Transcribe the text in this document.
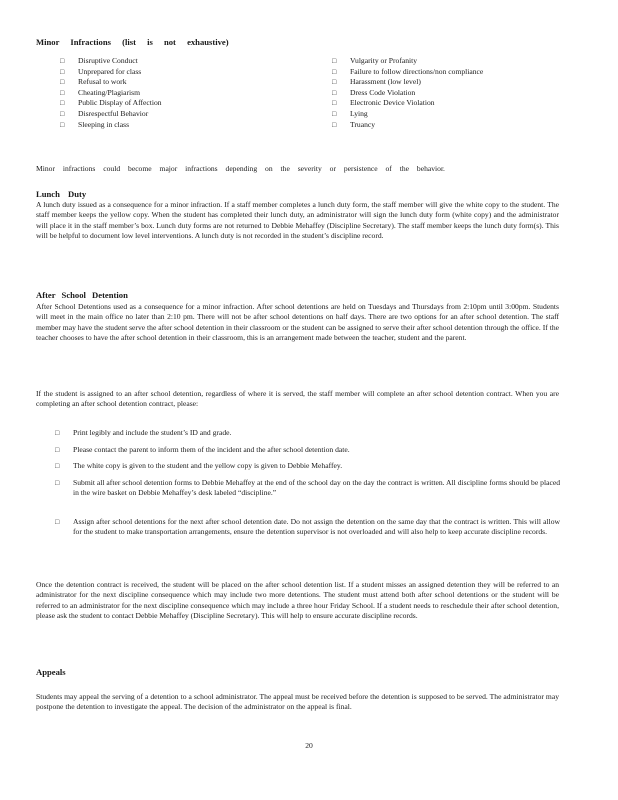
Minor Infractions (list is not exhaustive)
□ Disruptive Conduct
□ Unprepared for class
□ Refusal to work
□ Cheating/Plagiarism
□ Public Display of Affection
□ Disrespectful Behavior
□ Sleeping in class
□ Vulgarity or Profanity
□ Failure to follow directions/non compliance
□ Harassment (low level)
□ Dress Code Violation
□ Electronic Device Violation
□ Lying
□ Truancy
Minor infractions could become major infractions depending on the severity or persistence of the behavior.
Lunch Duty
A lunch duty issued as a consequence for a minor infraction. If a staff member completes a lunch duty form, the staff member will give the white copy to the student. The staff member keeps the yellow copy. When the student has completed their lunch duty, an administrator will sign the lunch duty form (white copy) and the administrator will place it in the staff member’s box. Lunch duty forms are not returned to Debbie Mehaffey (Discipline Secretary). The staff member keeps the lunch duty form(s). This will be helpful to document low level interventions. A lunch duty is not recorded in the student’s discipline record.
After School Detention
After School Detentions used as a consequence for a minor infraction. After school detentions are held on Tuesdays and Thursdays from 2:10pm until 3:00pm. Students will meet in the main office no later than 2:10 pm. There will not be after school detentions on half days. There are two options for an after school detention. The staff member may have the student serve the after school detention in their classroom or the student can be assigned to serve their after school detention through the office. If the teacher chooses to have the after school detention in their classroom, this is an arrangement made between the teacher, student and the parent.
If the student is assigned to an after school detention, regardless of where it is served, the staff member will complete an after school detention contract. When you are completing an after school detention contract, please:
□ Print legibly and include the student’s ID and grade.
□ Please contact the parent to inform them of the incident and the after school detention date.
□ The white copy is given to the student and the yellow copy is given to Debbie Mehaffey.
□ Submit all after school detention forms to Debbie Mehaffey at the end of the school day on the day the contract is written. All discipline forms should be placed in the wire basket on Debbie Mehaffey’s desk labeled “discipline.”
□ Assign after school detentions for the next after school detention date. Do not assign the detention on the same day that the contract is written. This will allow for the student to make transportation arrangements, ensure the detention supervisor is not overloaded and will also help to keep accurate discipline records.
Once the detention contract is received, the student will be placed on the after school detention list. If a student misses an assigned detention they will be referred to an administrator for the next discipline consequence which may include two more detentions. The student must attend both after school detentions or the student will be referred to an administrator for the next discipline consequence which may include a three hour Friday School. If a student needs to reschedule their after school detention, please ask the student to contact Debbie Mehaffey (Discipline Secretary). This will help to ensure accurate discipline records.
Appeals
Students may appeal the serving of a detention to a school administrator. The appeal must be received before the detention is supposed to be served. The administrator may postpone the detention to investigate the appeal. The decision of the administrator on the appeal is final.
20
